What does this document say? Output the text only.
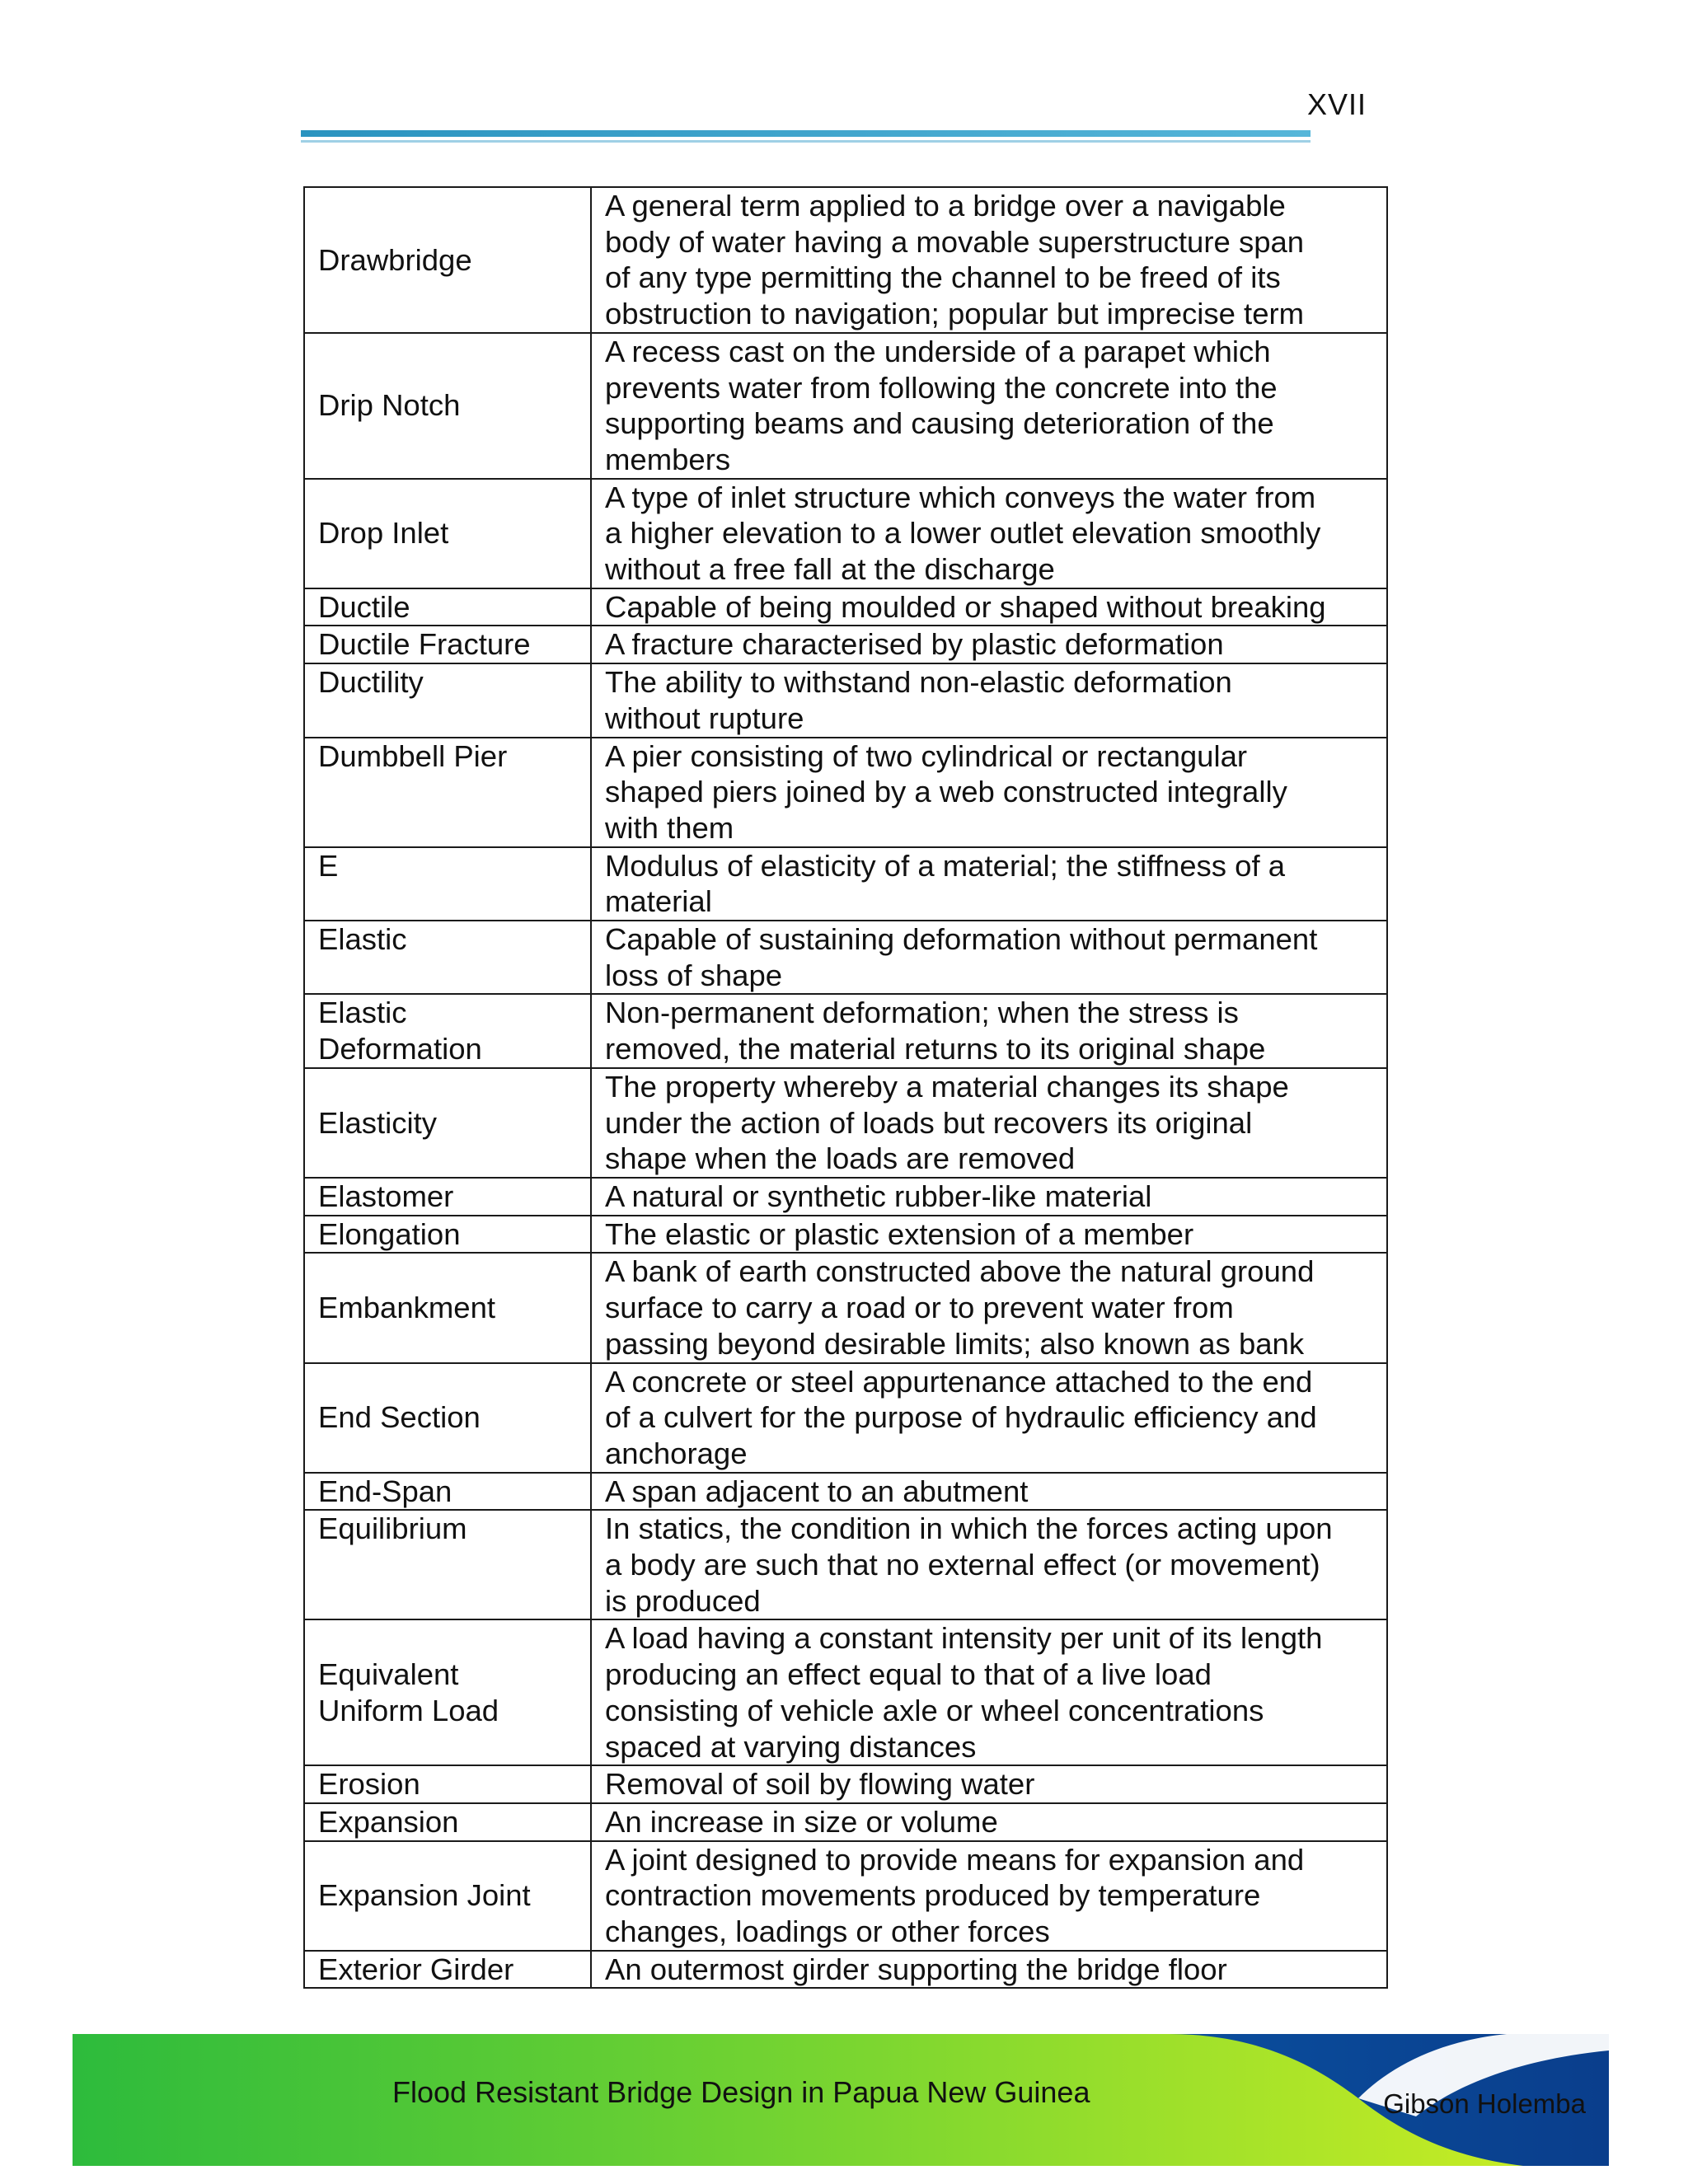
XVII
Drawbridge	A general term applied to a bridge over a navigable
body of water having a movable superstructure span
of any type permitting the channel to be freed of its
obstruction to navigation; popular but imprecise term
Drip Notch	A recess cast on the underside of a parapet which
prevents water from following the concrete into the
supporting beams and causing deterioration of the
members
Drop Inlet	A type of inlet structure which conveys the water from
a higher elevation to a lower outlet elevation smoothly
without a free fall at the discharge
Ductile	Capable of being moulded or shaped without breaking
Ductile Fracture	A fracture characterised by plastic deformation
Ductility	The ability to withstand non-elastic deformation
without rupture
Dumbbell Pier	A pier consisting of two cylindrical or rectangular
shaped piers joined by a web constructed integrally
with them
E	Modulus of elasticity of a material; the stiffness of a
material
Elastic	Capable of sustaining deformation without permanent
loss of shape
Elastic
Deformation	Non-permanent deformation; when the stress is
removed, the material returns to its original shape
Elasticity	The property whereby a material changes its shape
under the action of loads but recovers its original
shape when the loads are removed
Elastomer	A natural or synthetic rubber-like material
Elongation	The elastic or plastic extension of a member
Embankment	A bank of earth constructed above the natural ground
surface to carry a road or to prevent water from
passing beyond desirable limits; also known as bank
End Section	A concrete or steel appurtenance attached to the end
of a culvert for the purpose of hydraulic efficiency and
anchorage
End-Span	A span adjacent to an abutment
Equilibrium	In statics, the condition in which the forces acting upon
a body are such that no external effect (or movement)
is produced
Equivalent
Uniform Load	A load having a constant intensity per unit of its length
producing an effect equal to that of a live load
consisting of vehicle axle or wheel concentrations
spaced at varying distances
Erosion	Removal of soil by flowing water
Expansion	An increase in size or volume
Expansion Joint	A joint designed to provide means for expansion and
contraction movements produced by temperature
changes, loadings or other forces
Exterior Girder	An outermost girder supporting the bridge floor
Flood Resistant Bridge Design in Papua New Guinea	Gibson Holemba
